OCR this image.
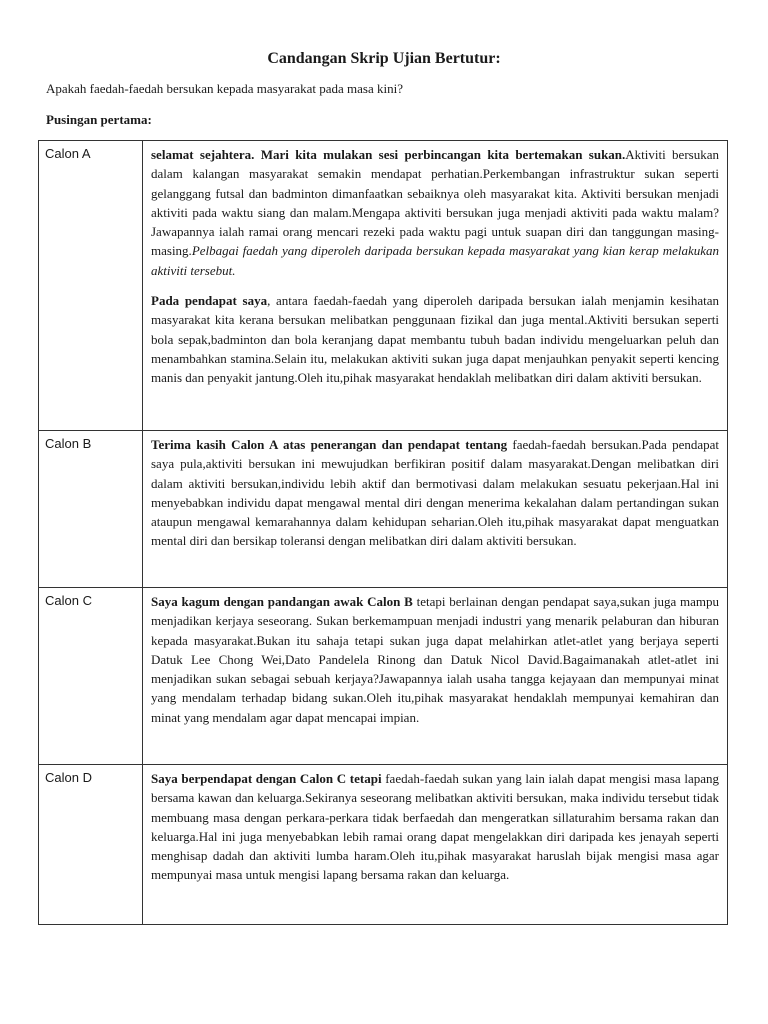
Candangan Skrip Ujian Bertutur:
Apakah faedah-faedah bersukan kepada masyarakat pada masa kini?
Pusingan pertama:
Calon A	selamat sejahtera. Mari kita mulakan sesi perbincangan kita bertemakan sukan.Aktiviti bersukan dalam kalangan masyarakat semakin mendapat perhatian.Perkembangan infrastruktur sukan seperti gelanggang futsal dan badminton dimanfaatkan sebaiknya oleh masyarakat kita. Aktiviti bersukan menjadi aktiviti pada waktu siang dan malam.Mengapa aktiviti bersukan juga menjadi aktiviti pada waktu malam? Jawapannya ialah ramai orang mencari rezeki pada waktu pagi untuk suapan diri dan tanggungan masing-masing.Pelbagai faedah yang diperoleh daripada bersukan kepada masyarakat yang kian kerap melakukan aktiviti tersebut.

Pada pendapat saya, antara faedah-faedah yang diperoleh daripada bersukan ialah menjamin kesihatan masyarakat kita kerana bersukan melibatkan penggunaan fizikal dan juga mental.Aktiviti bersukan seperti bola sepak,badminton dan bola keranjang dapat membantu tubuh badan individu mengeluarkan peluh dan menambahkan stamina.Selain itu, melakukan aktiviti sukan juga dapat menjauhkan penyakit seperti kencing manis dan penyakit jantung.Oleh itu,pihak masyarakat hendaklah melibatkan diri dalam aktiviti bersukan.

Calon B	Terima kasih Calon A atas penerangan dan pendapat tentang faedah-faedah bersukan.Pada pendapat saya pula,aktiviti bersukan ini mewujudkan berfikiran positif dalam masyarakat.Dengan melibatkan diri dalam aktiviti bersukan,individu lebih aktif dan bermotivasi dalam melakukan sesuatu pekerjaan.Hal ini menyebabkan individu dapat mengawal mental diri dengan menerima kekalahan dalam pertandingan sukan ataupun mengawal kemarahannya dalam kehidupan seharian.Oleh itu,pihak masyarakat dapat menguatkan mental diri dan bersikap toleransi dengan melibatkan diri dalam aktiviti bersukan.

Calon C	Saya kagum dengan pandangan awak Calon B tetapi berlainan dengan pendapat saya,sukan juga mampu menjadikan kerjaya seseorang. Sukan berkemampuan menjadi industri yang menarik pelaburan dan hiburan kepada masyarakat.Bukan itu sahaja tetapi sukan juga dapat melahirkan atlet-atlet yang berjaya seperti Datuk Lee Chong Wei,Dato Pandelela Rinong dan Datuk Nicol David.Bagaimanakah atlet-atlet ini menjadikan sukan sebagai sebuah kerjaya?Jawapannya ialah usaha tangga kejayaan dan mempunyai minat yang mendalam terhadap bidang sukan.Oleh itu,pihak masyarakat hendaklah mempunyai kemahiran dan minat yang mendalam agar dapat mencapai impian.

Calon D	Saya berpendapat dengan Calon C tetapi faedah-faedah sukan yang lain ialah dapat mengisi masa lapang bersama kawan dan keluarga.Sekiranya seseorang melibatkan aktiviti bersukan, maka individu tersebut tidak membuang masa dengan perkara-perkara tidak berfaedah dan mengeratkan sillaturahim bersama rakan dan keluarga.Hal ini juga menyebabkan lebih ramai orang dapat mengelakkan diri daripada kes jenayah seperti menghisap dadah dan aktiviti lumba haram.Oleh itu,pihak masyarakat haruslah bijak mengisi masa agar mempunyai masa untuk mengisi lapang bersama rakan dan keluarga.
